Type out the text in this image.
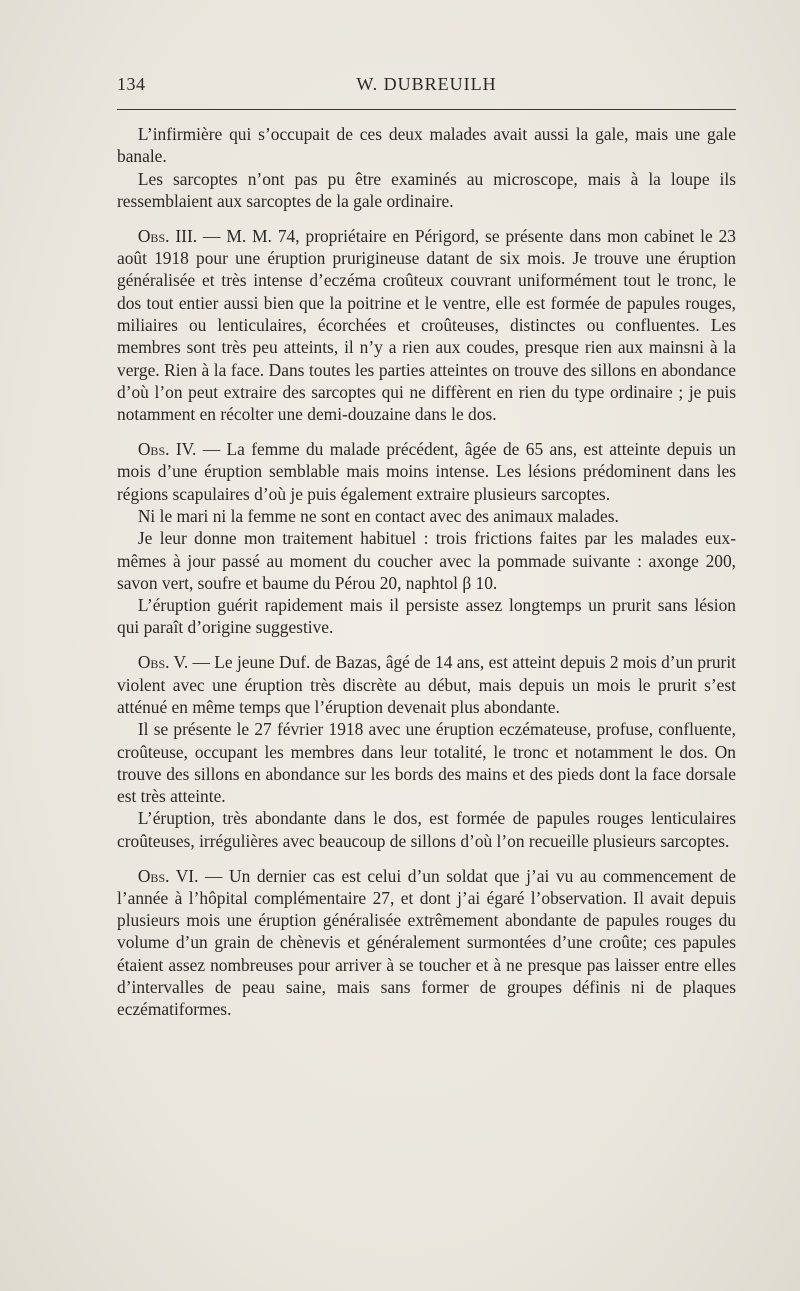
134	W. DUBREUILH

L’infirmière qui s’occupait de ces deux malades avait aussi la gale, mais une gale banale.

Les sarcoptes n’ont pas pu être examinés au microscope, mais à la loupe ils ressemblaient aux sarcoptes de la gale ordinaire.

Obs. III. — M. M. 74, propriétaire en Périgord, se présente dans mon cabinet le 23 août 1918 pour une éruption prurigineuse datant de six mois. Je trouve une éruption généralisée et très intense d’eczéma croûteux couvrant uniformément tout le tronc, le dos tout entier aussi bien que la poitrine et le ventre, elle est formée de papules rouges, miliaires ou lenticulaires, écorchées et croûteuses, distinctes ou confluentes. Les membres sont très peu atteints, il n’y a rien aux coudes, presque rien aux mainsni à la verge. Rien à la face. Dans toutes les parties atteintes on trouve des sillons en abondance d’où l’on peut extraire des sarcoptes qui ne diffèrent en rien du type ordinaire ; je puis notamment en récolter une demi-douzaine dans le dos.

Obs. IV. — La femme du malade précédent, âgée de 65 ans, est atteinte depuis un mois d’une éruption semblable mais moins intense. Les lésions prédominent dans les régions scapulaires d’où je puis également extraire plusieurs sarcoptes.

Ni le mari ni la femme ne sont en contact avec des animaux malades.

Je leur donne mon traitement habituel : trois frictions faites par les malades eux-mêmes à jour passé au moment du coucher avec la pommade suivante : axonge 200, savon vert, soufre et baume du Pérou 20, naphtol β 10.

L’éruption guérit rapidement mais il persiste assez longtemps un prurit sans lésion qui paraît d’origine suggestive.

Obs. V. — Le jeune Duf. de Bazas, âgé de 14 ans, est atteint depuis 2 mois d’un prurit violent avec une éruption très discrète au début, mais depuis un mois le prurit s’est atténué en même temps que l’éruption devenait plus abondante.

Il se présente le 27 février 1918 avec une éruption eczémateuse, profuse, confluente, croûteuse, occupant les membres dans leur totalité, le tronc et notamment le dos. On trouve des sillons en abondance sur les bords des mains et des pieds dont la face dorsale est très atteinte.

L’éruption, très abondante dans le dos, est formée de papules rouges lenticulaires croûteuses, irrégulières avec beaucoup de sillons d’où l’on recueille plusieurs sarcoptes.

Obs. VI. — Un dernier cas est celui d’un soldat que j’ai vu au commencement de l’année à l’hôpital complémentaire 27, et dont j’ai égaré l’observation. Il avait depuis plusieurs mois une éruption généralisée extrêmement abondante de papules rouges du volume d’un grain de chènevis et généralement surmontées d’une croûte; ces papules étaient assez nombreuses pour arriver à se toucher et à ne presque pas laisser entre elles d’intervalles de peau saine, mais sans former de groupes définis ni de plaques eczématiformes.
